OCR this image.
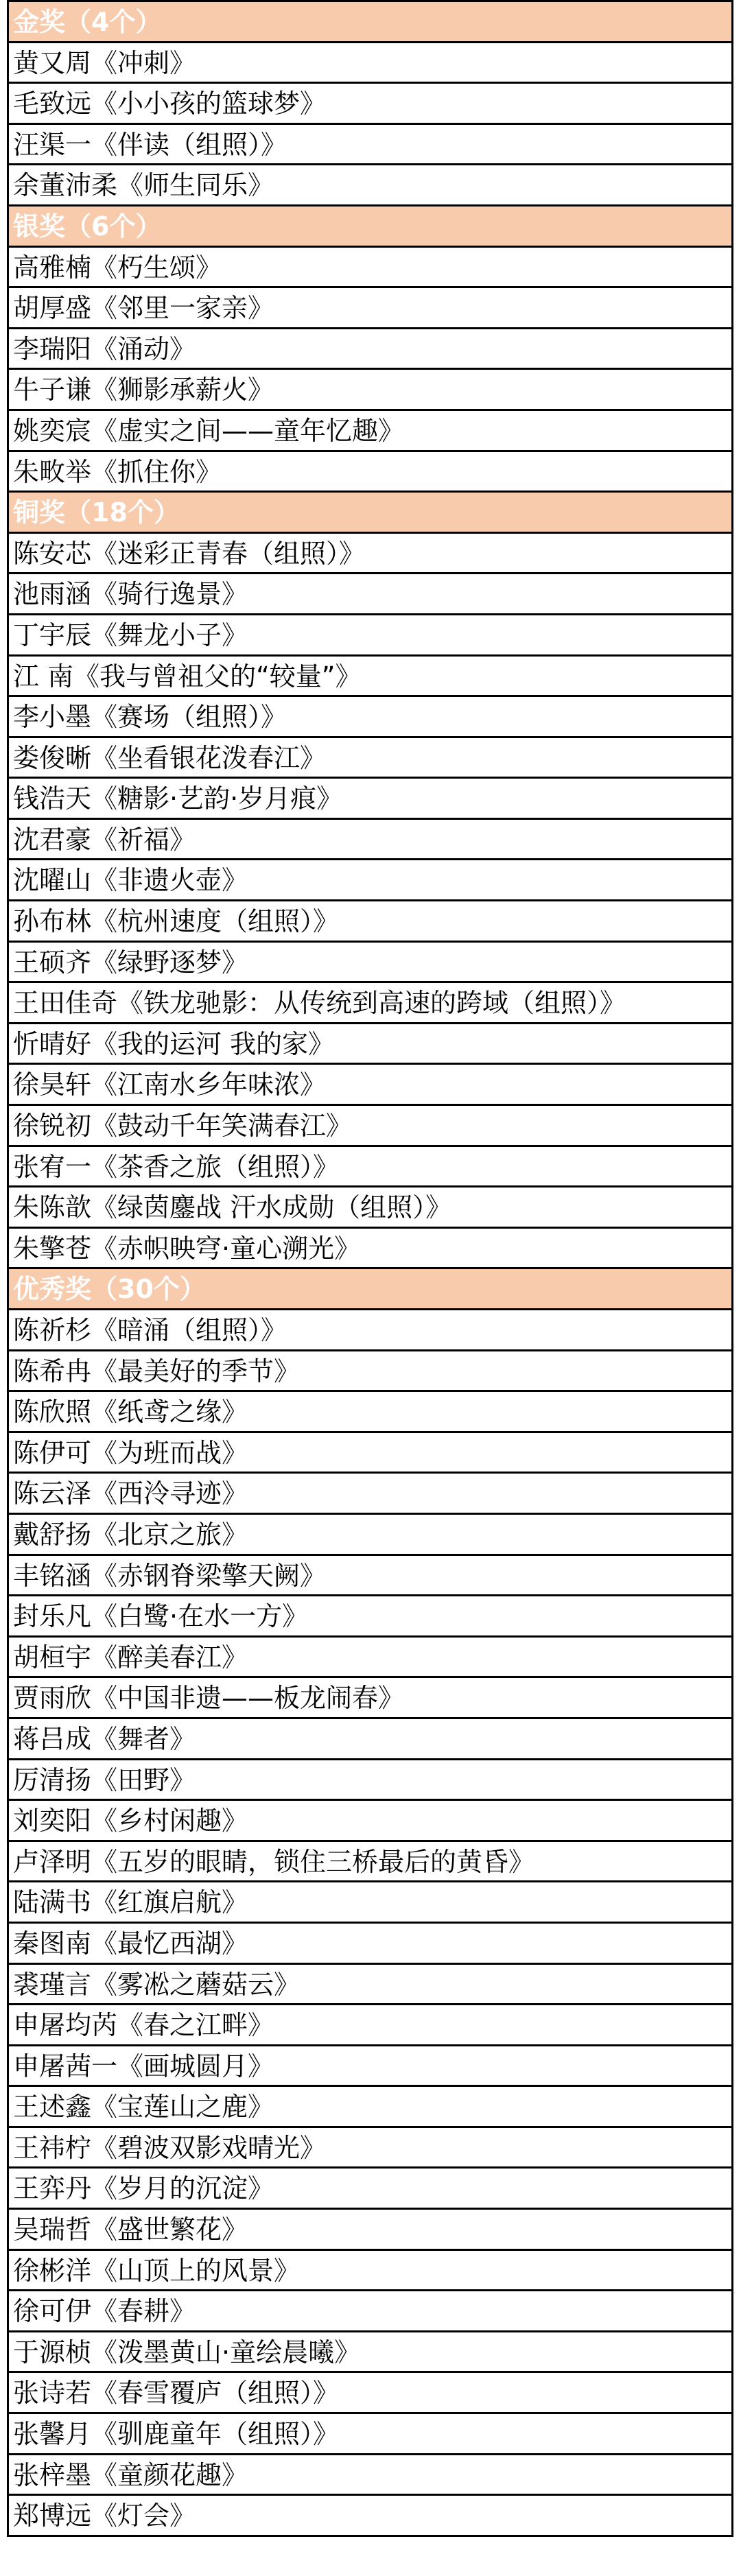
金奖（4个）
黄又周《冲刺》
毛致远《小小孩的篮球梦》
汪渠一《伴读（组照）》
余董沛柔《师生同乐》
银奖（6个）
高雅楠《朽生颂》
胡厚盛《邻里一家亲》
李瑞阳《涌动》
牛子谦《狮影承薪火》
姚奕宸《虚实之间——童年忆趣》
朱畋举《抓住你》
铜奖（18个）
陈安芯《迷彩正青春（组照）》
池雨涵《骑行逸景》
丁宇辰《舞龙小子》
江 南《我与曾祖父的“较量”》
李小墨《赛场（组照）》
娄俊晰《坐看银花泼春江》
钱浩天《糖影·艺韵·岁月痕》
沈君豪《祈福》
沈曜山《非遗火壶》
孙布林《杭州速度（组照）》
王硕齐《绿野逐梦》
王田佳奇《铁龙驰影：从传统到高速的跨域（组照）》
忻晴好《我的运河 我的家》
徐昊轩《江南水乡年味浓》
徐锐初《鼓动千年笑满春江》
张宥一《茶香之旅（组照）》
朱陈歆《绿茵鏖战 汗水成勋（组照）》
朱擎苍《赤帜映穹·童心溯光》
优秀奖（30个）
陈祈杉《暗涌（组照）》
陈希冉《最美好的季节》
陈欣照《纸鸢之缘》
陈伊可《为班而战》
陈云泽《西泠寻迹》
戴舒扬《北京之旅》
丰铭涵《赤钢脊梁擎天阙》
封乐凡《白鹭·在水一方》
胡桓宇《醉美春江》
贾雨欣《中国非遗——板龙闹春》
蒋吕成《舞者》
厉清扬《田野》
刘奕阳《乡村闲趣》
卢泽明《五岁的眼睛，锁住三桥最后的黄昏》
陆满书《红旗启航》
秦图南《最忆西湖》
裘瑾言《雾凇之蘑菇云》
申屠均芮《春之江畔》
申屠茜一《画城圆月》
王述鑫《宝莲山之鹿》
王祎柠《碧波双影戏晴光》
王弈丹《岁月的沉淀》
吴瑞哲《盛世繁花》
徐彬洋《山顶上的风景》
徐可伊《春耕》
于源桢《泼墨黄山·童绘晨曦》
张诗若《春雪覆庐（组照）》
张馨月《驯鹿童年（组照）》
张梓墨《童颜花趣》
郑博远《灯会》
